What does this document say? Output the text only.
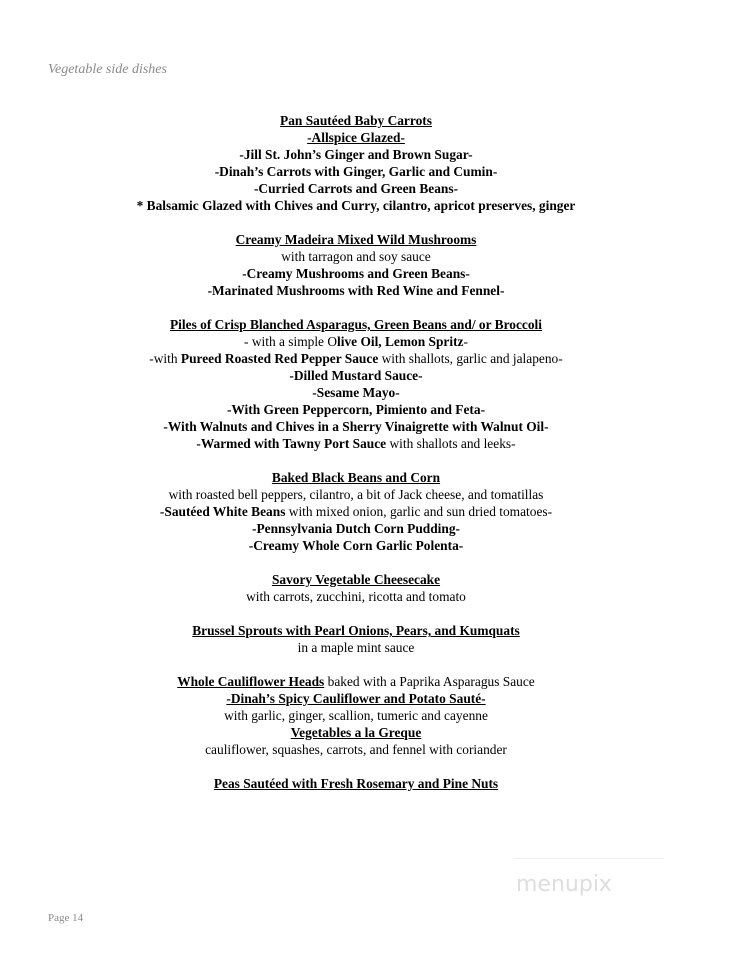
Vegetable side dishes

Pan Sautéed Baby Carrots

-Allspice Glazed-

-Jill St. John’s Ginger and Brown Sugar-

-Dinah’s Carrots with Ginger, Garlic and Cumin-

-Curried Carrots and Green Beans-

* Balsamic Glazed with Chives and Curry, cilantro, apricot preserves, ginger

Creamy Madeira Mixed Wild Mushrooms

with tarragon and soy sauce

-Creamy Mushrooms and Green Beans-

-Marinated Mushrooms with Red Wine and Fennel-

Piles of Crisp Blanched Asparagus, Green Beans and/ or Broccoli

- with a simple Olive Oil, Lemon Spritz-

-with Pureed Roasted Red Pepper Sauce with shallots, garlic and jalapeno-

-Dilled Mustard Sauce-

-Sesame Mayo-

-With Green Peppercorn, Pimiento and Feta-

-With Walnuts and Chives in a Sherry Vinaigrette with Walnut Oil-

-Warmed with Tawny Port Sauce with shallots and leeks-

Baked Black Beans and Corn

with roasted bell peppers, cilantro, a bit of Jack cheese, and tomatillas

-Sautéed White Beans with mixed onion, garlic and sun dried tomatoes-

-Pennsylvania Dutch Corn Pudding-

-Creamy Whole Corn Garlic Polenta-

Savory Vegetable Cheesecake

with carrots, zucchini, ricotta and tomato

Brussel Sprouts with Pearl Onions, Pears, and Kumquats

in a maple mint sauce

Whole Cauliflower Heads baked with a Paprika Asparagus Sauce

-Dinah’s Spicy Cauliflower and Potato Sauté-

with garlic, ginger, scallion, tumeric and cayenne

Vegetables a la Greque

cauliflower, squashes, carrots, and fennel with coriander

Peas Sautéed with Fresh Rosemary and Pine Nuts

menupix
Page 14
